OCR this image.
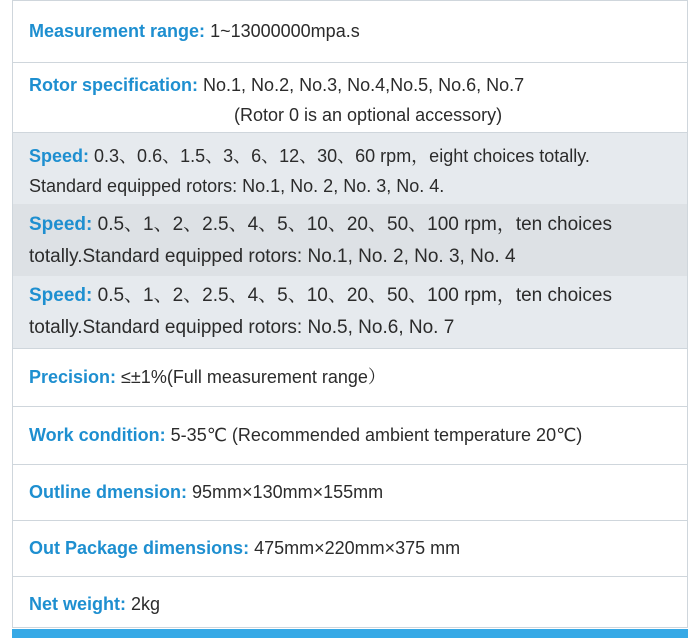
Measurement range: 1~13000000mpa.s
Rotor specification: No.1, No.2, No.3, No.4,No.5, No.6, No.7
(Rotor 0 is an optional accessory)
Speed: 0.3、0.6、1.5、3、6、12、30、60 rpm，eight choices totally.
Standard equipped rotors: No.1, No. 2, No. 3, No. 4.
Speed: 0.5、1、2、2.5、4、5、10、20、50、100 rpm，ten choices
totally.Standard equipped rotors: No.1, No. 2, No. 3, No. 4
Speed: 0.5、1、2、2.5、4、5、10、20、50、100 rpm，ten choices
totally.Standard equipped rotors: No.5, No.6, No. 7
Precision: ≤±1%(Full measurement range）
Work condition: 5-35℃ (Recommended ambient temperature 20℃)
Outline dmension: 95mm×130mm×155mm
Out Package dimensions: 475mm×220mm×375 mm
Net weight: 2kg
